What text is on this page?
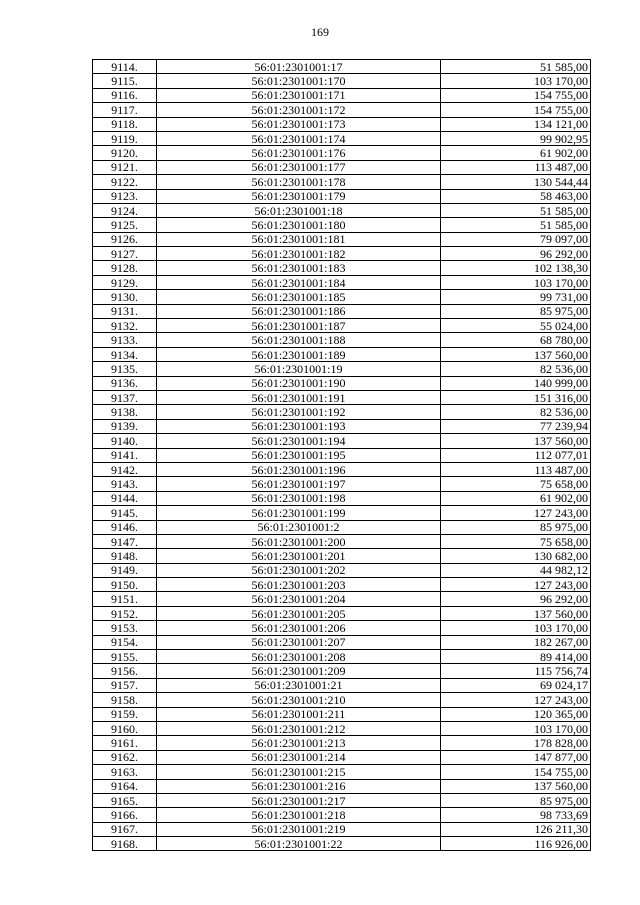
169
9114.	56:01:2301001:17	51 585,00
9115.	56:01:2301001:170	103 170,00
9116.	56:01:2301001:171	154 755,00
9117.	56:01:2301001:172	154 755,00
9118.	56:01:2301001:173	134 121,00
9119.	56:01:2301001:174	99 902,95
9120.	56:01:2301001:176	61 902,00
9121.	56:01:2301001:177	113 487,00
9122.	56:01:2301001:178	130 544,44
9123.	56:01:2301001:179	58 463,00
9124.	56:01:2301001:18	51 585,00
9125.	56:01:2301001:180	51 585,00
9126.	56:01:2301001:181	79 097,00
9127.	56:01:2301001:182	96 292,00
9128.	56:01:2301001:183	102 138,30
9129.	56:01:2301001:184	103 170,00
9130.	56:01:2301001:185	99 731,00
9131.	56:01:2301001:186	85 975,00
9132.	56:01:2301001:187	55 024,00
9133.	56:01:2301001:188	68 780,00
9134.	56:01:2301001:189	137 560,00
9135.	56:01:2301001:19	82 536,00
9136.	56:01:2301001:190	140 999,00
9137.	56:01:2301001:191	151 316,00
9138.	56:01:2301001:192	82 536,00
9139.	56:01:2301001:193	77 239,94
9140.	56:01:2301001:194	137 560,00
9141.	56:01:2301001:195	112 077,01
9142.	56:01:2301001:196	113 487,00
9143.	56:01:2301001:197	75 658,00
9144.	56:01:2301001:198	61 902,00
9145.	56:01:2301001:199	127 243,00
9146.	56:01:2301001:2	85 975,00
9147.	56:01:2301001:200	75 658,00
9148.	56:01:2301001:201	130 682,00
9149.	56:01:2301001:202	44 982,12
9150.	56:01:2301001:203	127 243,00
9151.	56:01:2301001:204	96 292,00
9152.	56:01:2301001:205	137 560,00
9153.	56:01:2301001:206	103 170,00
9154.	56:01:2301001:207	182 267,00
9155.	56:01:2301001:208	89 414,00
9156.	56:01:2301001:209	115 756,74
9157.	56:01:2301001:21	69 024,17
9158.	56:01:2301001:210	127 243,00
9159.	56:01:2301001:211	120 365,00
9160.	56:01:2301001:212	103 170,00
9161.	56:01:2301001:213	178 828,00
9162.	56:01:2301001:214	147 877,00
9163.	56:01:2301001:215	154 755,00
9164.	56:01:2301001:216	137 560,00
9165.	56:01:2301001:217	85 975,00
9166.	56:01:2301001:218	98 733,69
9167.	56:01:2301001:219	126 211,30
9168.	56:01:2301001:22	116 926,00
